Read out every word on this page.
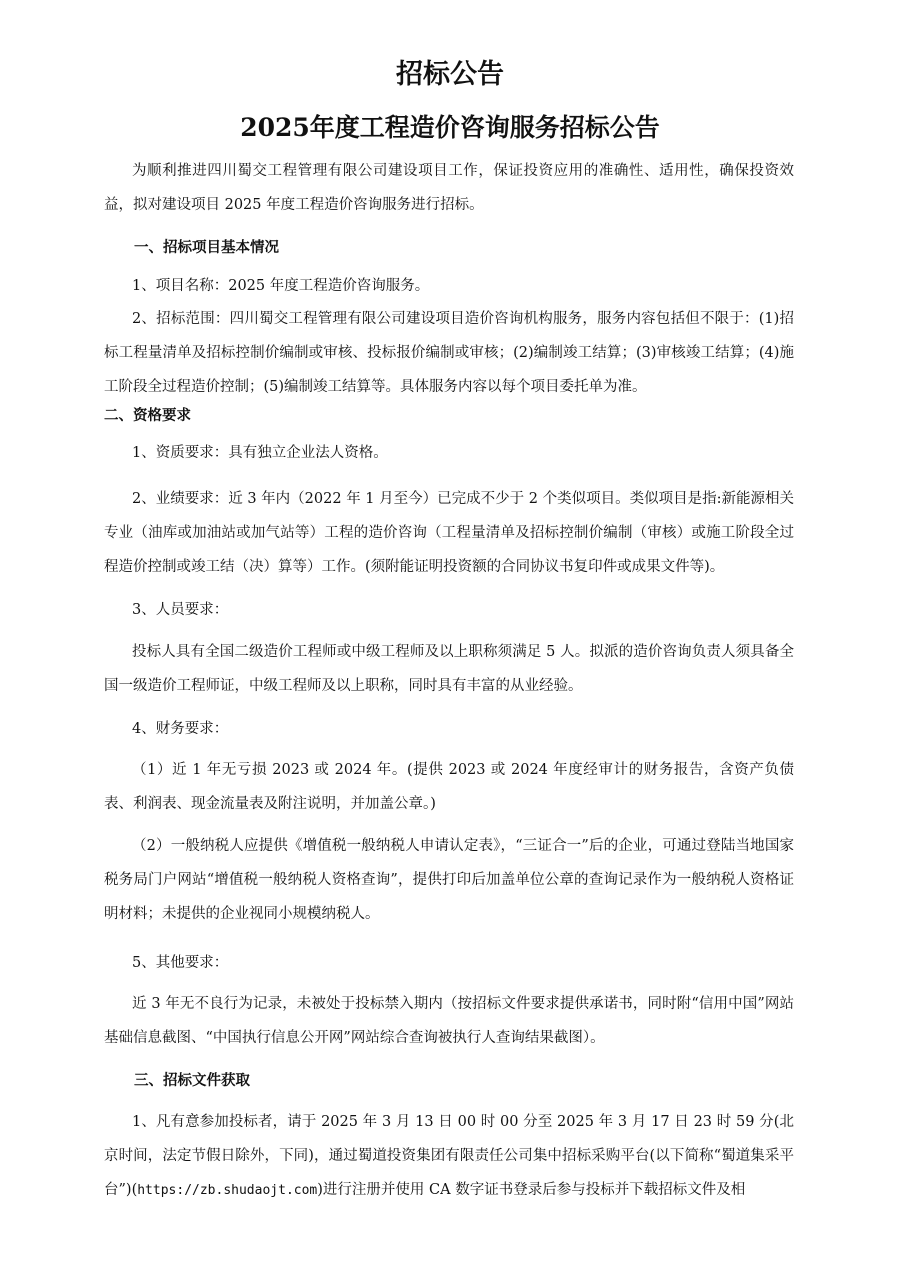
招标公告
2025年度工程造价咨询服务招标公告

为顺利推进四川蜀交工程管理有限公司建设项目工作，保证投资应用的准确性、适用性，确保投资效益，拟对建设项目 2025 年度工程造价咨询服务进行招标。

一、招标项目基本情况

1、项目名称：2025 年度工程造价咨询服务。

2、招标范围：四川蜀交工程管理有限公司建设项目造价咨询机构服务，服务内容包括但不限于：(1)招标工程量清单及招标控制价编制或审核、投标报价编制或审核；(2)编制竣工结算；(3)审核竣工结算；(4)施工阶段全过程造价控制；(5)编制竣工结算等。具体服务内容以每个项目委托单为准。

二、资格要求

1、资质要求：具有独立企业法人资格。

2、业绩要求：近 3 年内（2022 年 1 月至今）已完成不少于 2 个类似项目。类似项目是指:新能源相关专业（油库或加油站或加气站等）工程的造价咨询（工程量清单及招标控制价编制（审核）或施工阶段全过程造价控制或竣工结（决）算等）工作。(须附能证明投资额的合同协议书复印件或成果文件等)。

3、人员要求：

投标人具有全国二级造价工程师或中级工程师及以上职称须满足 5 人。拟派的造价咨询负责人须具备全国一级造价工程师证，中级工程师及以上职称，同时具有丰富的从业经验。

4、财务要求：

（1）近 1 年无亏损 2023 或 2024 年。(提供 2023 或 2024 年度经审计的财务报告，含资产负债表、利润表、现金流量表及附注说明，并加盖公章。)

（2）一般纳税人应提供《增值税一般纳税人申请认定表》，“三证合一”后的企业，可通过登陆当地国家税务局门户网站“增值税一般纳税人资格查询”，提供打印后加盖单位公章的查询记录作为一般纳税人资格证明材料；未提供的企业视同小规模纳税人。

5、其他要求：

近 3 年无不良行为记录，未被处于投标禁入期内（按招标文件要求提供承诺书，同时附“信用中国”网站基础信息截图、“中国执行信息公开网”网站综合查询被执行人查询结果截图）。

三、招标文件获取

1、凡有意参加投标者，请于 2025 年 3 月 13 日 00 时 00 分至 2025 年 3 月 17 日 23 时 59 分(北京时间，法定节假日除外，下同)，通过蜀道投资集团有限责任公司集中招标采购平台(以下简称“蜀道集采平台”)(https://zb.shudaojt.com)进行注册并使用 CA 数字证书登录后参与投标并下载招标文件及相
